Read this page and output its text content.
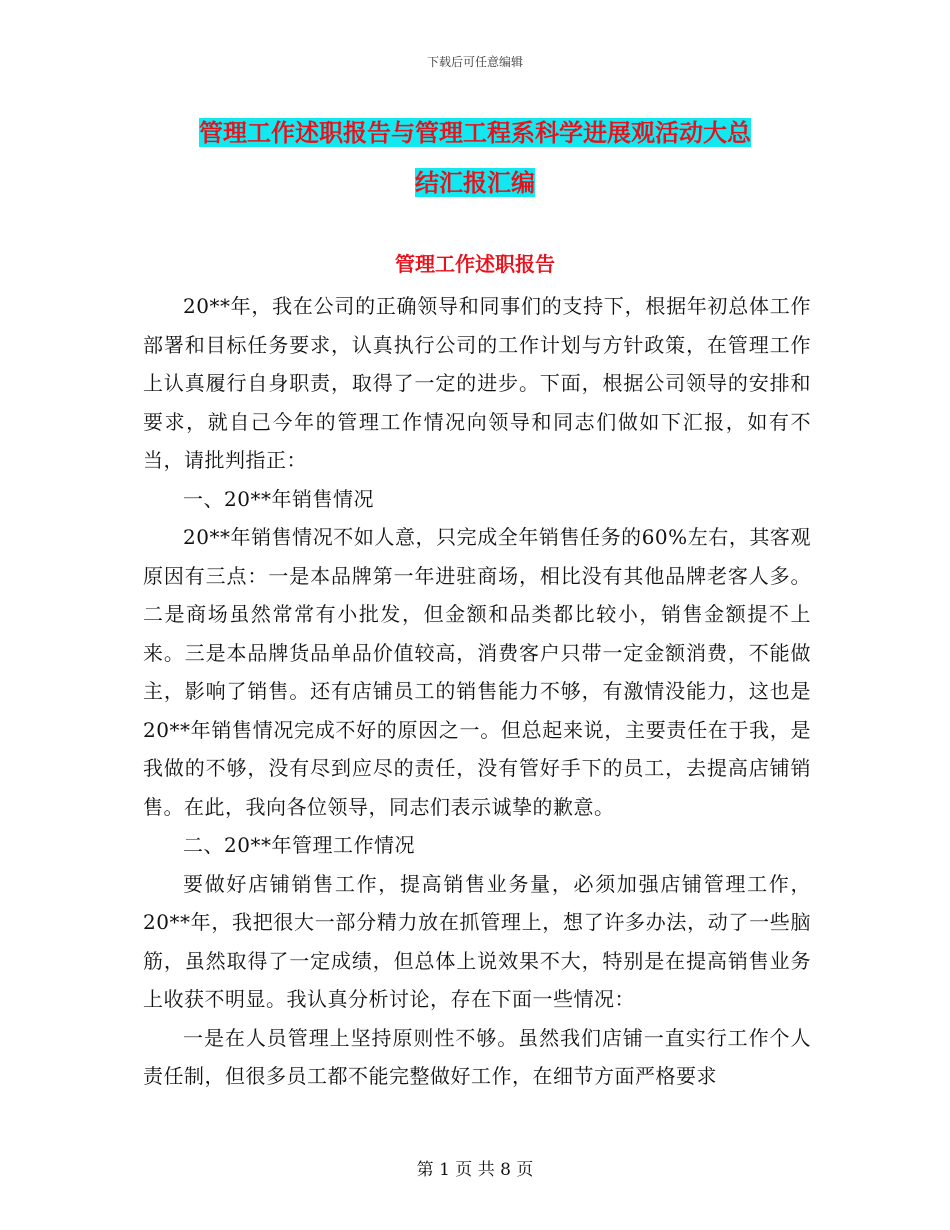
下载后可任意编辑
管理工作述职报告与管理工程系科学进展观活动大总
结汇报汇编
管理工作述职报告

20**年，我在公司的正确领导和同事们的支持下，根据年初总体工作部署和目标任务要求，认真执行公司的工作计划与方针政策，在管理工作上认真履行自身职责，取得了一定的进步。下面，根据公司领导的安排和要求，就自己今年的管理工作情况向领导和同志们做如下汇报，如有不当，请批判指正：

一、20**年销售情况

20**年销售情况不如人意，只完成全年销售任务的60%左右，其客观原因有三点：一是本品牌第一年进驻商场，相比没有其他品牌老客人多。二是商场虽然常常有小批发，但金额和品类都比较小，销售金额提不上来。三是本品牌货品单品价值较高，消费客户只带一定金额消费，不能做主，影响了销售。还有店铺员工的销售能力不够，有激情没能力，这也是20**年销售情况完成不好的原因之一。但总起来说，主要责任在于我，是我做的不够，没有尽到应尽的责任，没有管好手下的员工，去提高店铺销售。在此，我向各位领导，同志们表示诚挚的歉意。

二、20**年管理工作情况

要做好店铺销售工作，提高销售业务量，必须加强店铺管理工作，20**年，我把很大一部分精力放在抓管理上，想了许多办法，动了一些脑筋，虽然取得了一定成绩，但总体上说效果不大，特别是在提高销售业务上收获不明显。我认真分析讨论，存在下面一些情况：

一是在人员管理上坚持原则性不够。虽然我们店铺一直实行工作个人责任制，但很多员工都不能完整做好工作，在细节方面严格要求

第 1 页 共 8 页
